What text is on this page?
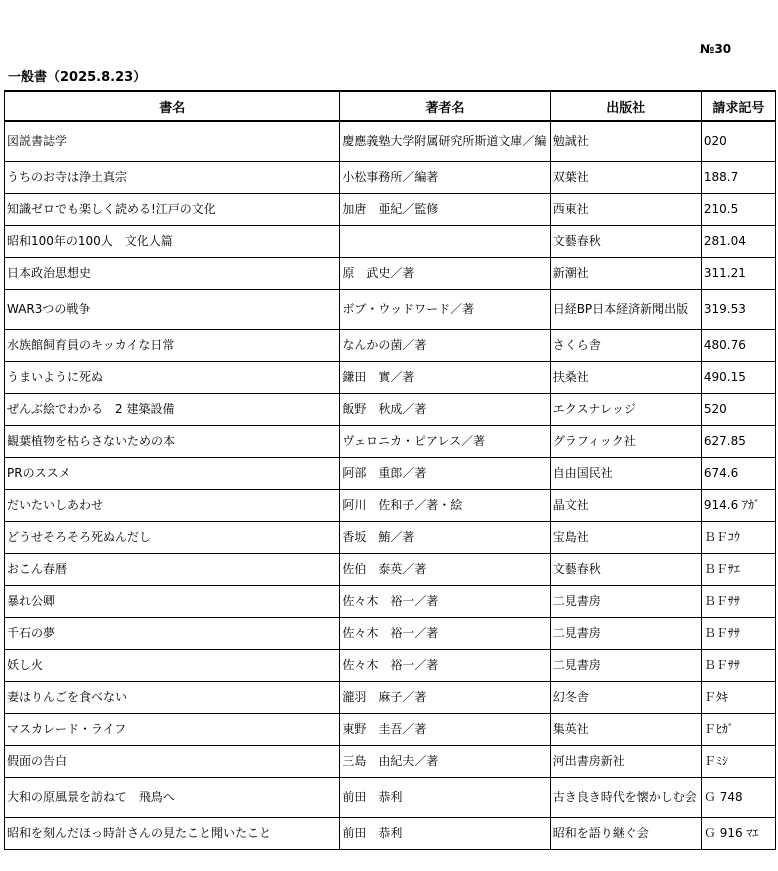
№30
一般書（2025.8.23）
書名	著者名	出版社	請求記号
図説書誌学	慶應義塾大学附属研究所斯道文庫／編	勉誠社	020
うちのお寺は浄土真宗	小松事務所／編著	双葉社	188.7
知識ゼロでも楽しく読める!江戸の文化	加唐　亜紀／監修	西東社	210.5
昭和100年の100人　文化人篇		文藝春秋	281.04
日本政治思想史	原　武史／著	新潮社	311.21
WAR3つの戦争	ボブ・ウッドワード／著	日経BP日本経済新聞出版	319.53
水族館飼育員のキッカイな日常	なんかの菌／著	さくら舎	480.76
うまいように死ぬ	鎌田　實／著	扶桑社	490.15
ぜんぶ絵でわかる　2 建築設備	飯野　秋成／著	エクスナレッジ	520
観葉植物を枯らさないための本	ヴェロニカ・ピアレス／著	グラフィック社	627.85
PRのススメ	阿部　重郎／著	自由国民社	674.6
だいたいしあわせ	阿川　佐和子／著・絵	晶文社	914.6 ｱｶﾞ
どうせそろそろ死ぬんだし	香坂　鮪／著	宝島社	ＢＦｺｳ
おこん春暦	佐伯　泰英／著	文藝春秋	ＢＦｻｴ
暴れ公卿	佐々木　裕一／著	二見書房	ＢＦｻｻ
千石の夢	佐々木　裕一／著	二見書房	ＢＦｻｻ
妖し火	佐々木　裕一／著	二見書房	ＢＦｻｻ
妻はりんごを食べない	瀧羽　麻子／著	幻冬舎	Ｆﾀｷ
マスカレード・ライフ	東野　圭吾／著	集英社	Ｆﾋｶﾞ
假面の告白	三島　由紀夫／著	河出書房新社	Ｆﾐｼ
大和の原風景を訪ねて　飛鳥へ	前田　恭利	古き良き時代を懐かしむ会	Ｇ 748
昭和を刻んだほっ時計さんの見たこと聞いたこと	前田　恭利	昭和を語り継ぐ会	Ｇ 916 ﾏｴ
